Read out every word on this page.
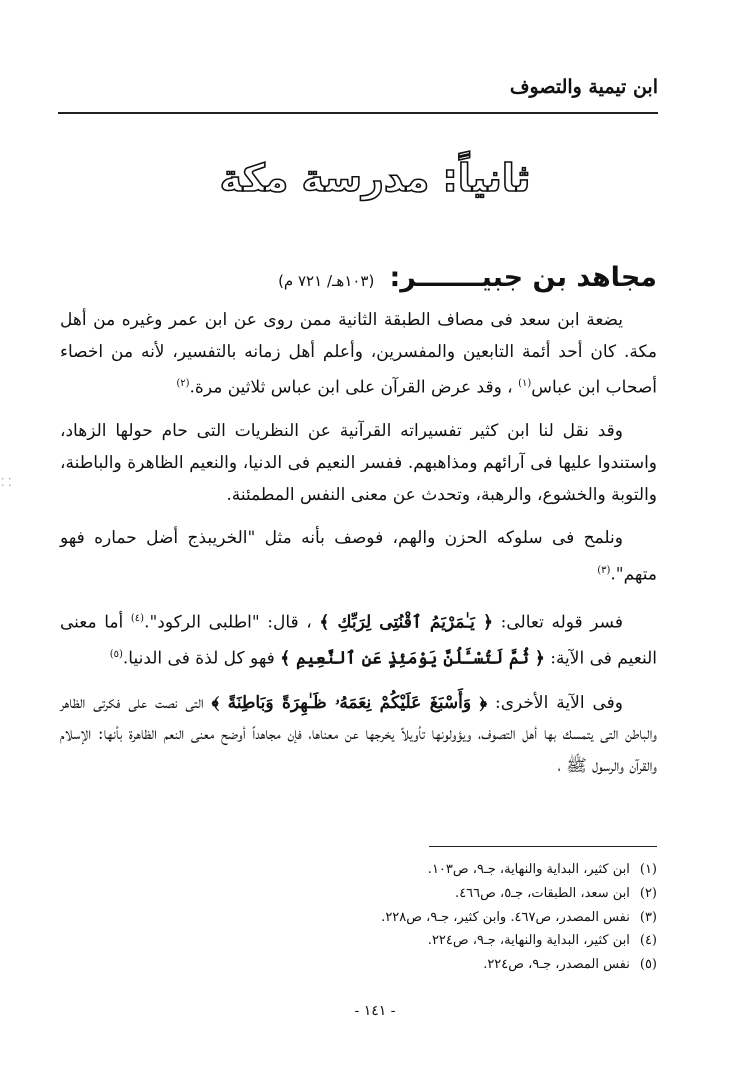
ابن تيمية والتصوف
ثانياً: مدرسة مكة
مجاهد بن جبيـــــــر: (١٠٣هـ/ ٧٢١ م)

يضعة ابن سعد فى مصاف الطبقة الثانية ممن روى عن ابن عمر وغيره من أهل مكة. كان أحد أئمة التابعين والمفسرين، وأعلم أهل زمانه بالتفسير، لأنه من اخصاء أصحاب ابن عباس$^{(١)}$ ، وقد عرض القرآن على ابن عباس ثلاثين مرة.$^{(٢)}$

وقد نقل لنا ابن كثير تفسيراته القرآنية عن النظريات التى حام حولها الزهاد، واستندوا عليها فى آرائهم ومذاهبهم. ففسر النعيم فى الدنيا، والنعيم الظاهرة والباطنة، والتوبة والخشوع، والرهبة، وتحدث عن معنى النفس المطمئنة.

ونلمح فى سلوكه الحزن والهم، فوصف بأنه مثل "الخريبذج أضل حماره فهو متهم".$^{(٣)}$

فسر قوله تعالى: ﴿ يَـٰمَرْيَمُ ٱقْنُتِى لِرَبِّكِ ﴾ ، قال: "اطلبى الركود".$^{(٤)}$ أما معنى النعيم فى الآية: ﴿ ثُمَّ لَتُسْـَٔلُنَّ يَوْمَئِذٍ عَنِ ٱلنَّعِيمِ ﴾ فهو كل لذة فى الدنيا.$^{(٥)}$

وفى الآية الأخرى: ﴿ وَأَسْبَغَ عَلَيْكُمْ نِعَمَهُۥ ظَـٰهِرَةً وَبَاطِنَةً ﴾ التى نصت على فكرتى الظاهر والباطن التى يتمسك بها أهل التصوف، ويؤولونها تأويلاً يخرجها عن معناها، فإن مجاهداً أوضح معنى النعم الظاهرة بأنها: الإسلام والقرآن والرسول ﷺ ،

(١)ابن كثير، البداية والنهاية، جـ٩، ص١٠٣.
(٢)ابن سعد، الطبقات، جـ٥، ص٤٦٦.
(٣)نفس المصدر، ص٤٦٧. وابن كثير، جـ٩، ص٢٢٨.
(٤)ابن كثير، البداية والنهاية، جـ٩، ص٢٢٤.
(٥)نفس المصدر، جـ٩، ص٢٢٤.
- ١٤١ -
⁚ ⁚
